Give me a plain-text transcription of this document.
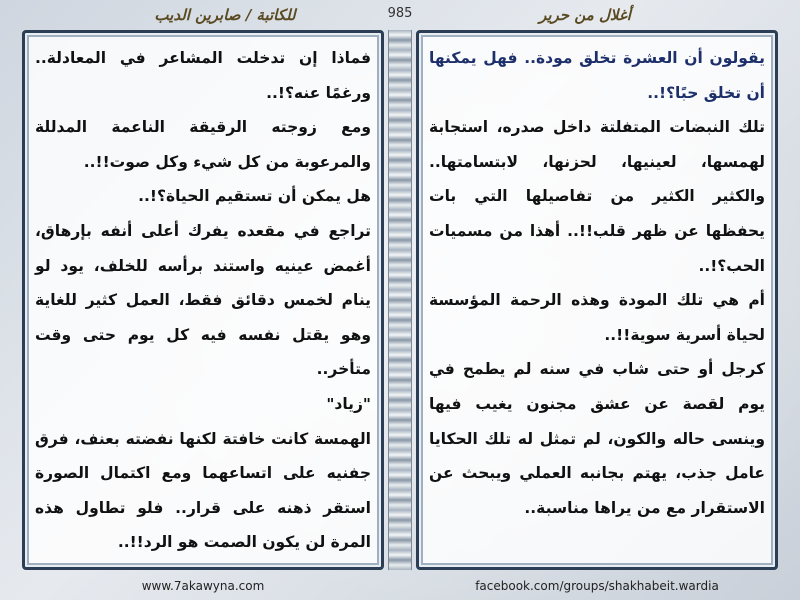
للكاتبة / صابرين الديب	985	أغلال من حرير

فماذا إن تدخلت المشاعر في المعادلة.. ورغمًا عنه؟!..

ومع زوجته الرقيقة الناعمة المدللة والمرعوبة من كل شيء وكل صوت!!..

هل يمكن أن تستقيم الحياة؟!..

تراجع في مقعده يفرك أعلى أنفه بإرهاق، أغمض عينيه واستند برأسه للخلف، يود لو ينام لخمس دقائق فقط، العمل كثير للغاية وهو يقتل نفسه فيه كل يوم حتى وقت متأخر..

"زياد"

الهمسة كانت خافتة لكنها نفضته بعنف، فرق جفنيه على اتساعهما ومع اكتمال الصورة استقر ذهنه على قرار.. فلو تطاول هذه المرة لن يكون الصمت هو الرد!!..

يقولون أن العشرة تخلق مودة.. فهل يمكنها أن تخلق حبًا؟!..

تلك النبضات المتفلتة داخل صدره، استجابة لهمسها، لعينيها، لحزنها، لابتسامتها.. والكثير الكثير من تفاصيلها التي بات يحفظها عن ظهر قلب!!.. أهذا من مسميات الحب؟!..

أم هي تلك المودة وهذه الرحمة المؤسسة لحياة أسرية سوية!!..

كرجل أو حتى شاب في سنه لم يطمح في يوم لقصة عن عشق مجنون يغيب فيها وينسى حاله والكون، لم تمثل له تلك الحكايا عامل جذب، يهتم بجانبه العملي ويبحث عن الاستقرار مع من يراها مناسبة..

www.7akawyna.com	facebook.com/groups/shakhabeit.wardia
